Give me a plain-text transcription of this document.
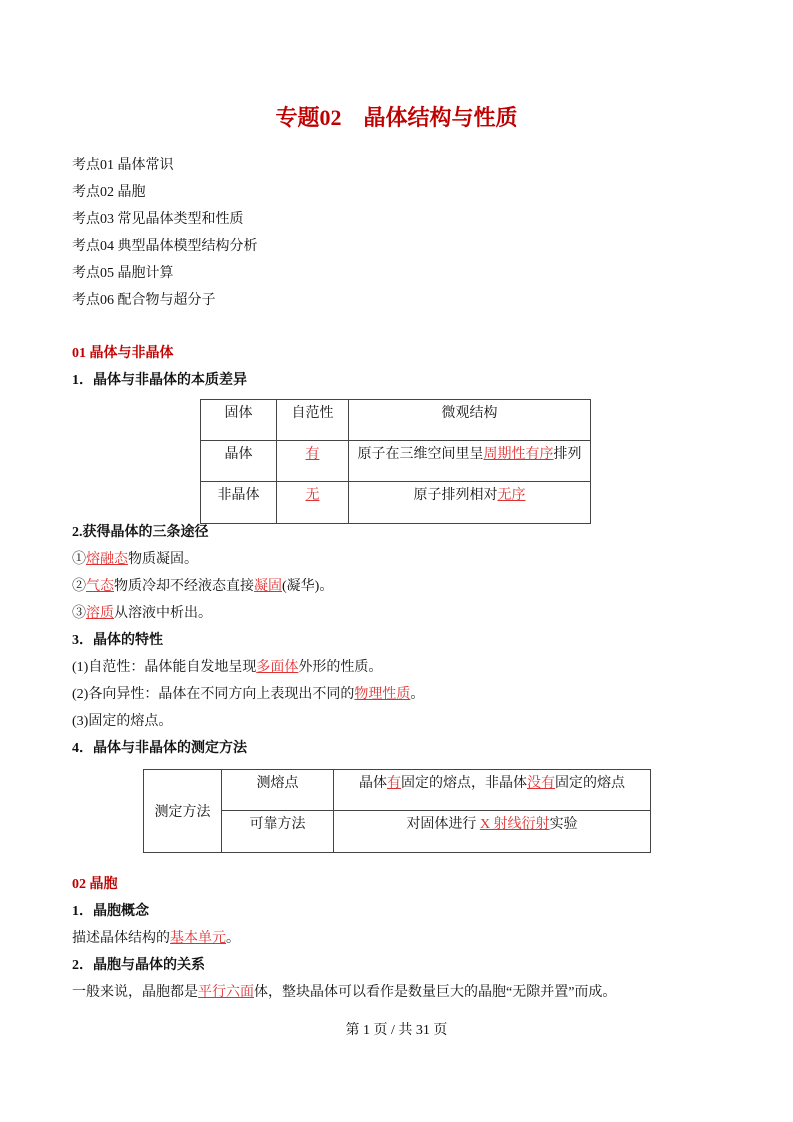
专题02　晶体结构与性质
考点01 晶体常识
考点02 晶胞
考点03 常见晶体类型和性质
考点04 典型晶体模型结构分析
考点05 晶胞计算
考点06 配合物与超分子
01 晶体与非晶体
1．晶体与非晶体的本质差异
固体	自范性	微观结构
晶体	有	原子在三维空间里呈周期性有序排列
非晶体	无	原子排列相对无序
2.获得晶体的三条途径
①熔融态物质凝固。
②气态物质冷却不经液态直接凝固(凝华)。
③溶质从溶液中析出。
3．晶体的特性
(1)自范性：晶体能自发地呈现多面体外形的性质。
(2)各向异性：晶体在不同方向上表现出不同的物理性质。
(3)固定的熔点。
4．晶体与非晶体的测定方法
测定方法	测熔点	晶体有固定的熔点，非晶体没有固定的熔点
	可靠方法	对固体进行 X 射线衍射实验
02 晶胞
1．晶胞概念
描述晶体结构的基本单元。
2．晶胞与晶体的关系
一般来说，晶胞都是平行六面体，整块晶体可以看作是数量巨大的晶胞“无隙并置”而成。
第 1 页 / 共 31 页
